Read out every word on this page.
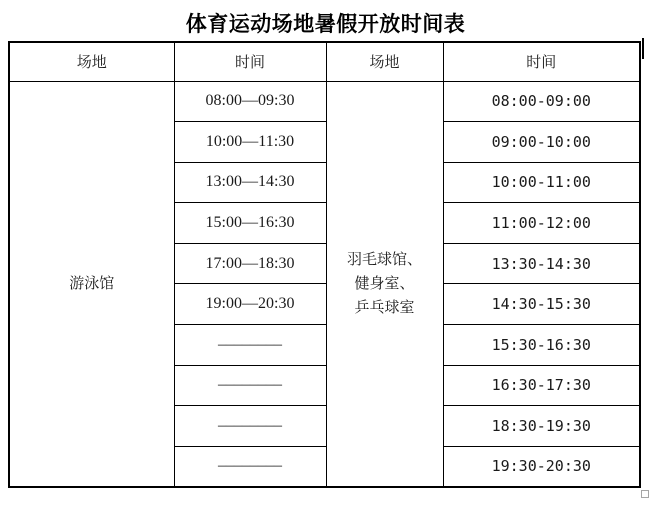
体育运动场地暑假开放时间表
场地	时间	场地	时间
游泳馆	08:00—09:30	羽毛球馆、
健身室、
乒乓球室	08:00-09:00
	10:00—11:30		09:00-10:00
	13:00—14:30		10:00-11:00
	15:00—16:30		11:00-12:00
	17:00—18:30		13:30-14:30
	19:00—20:30		14:30-15:30
	––––––––		15:30-16:30
	––––––––		16:30-17:30
	––––––––		18:30-19:30
	––––––––		19:30-20:30
